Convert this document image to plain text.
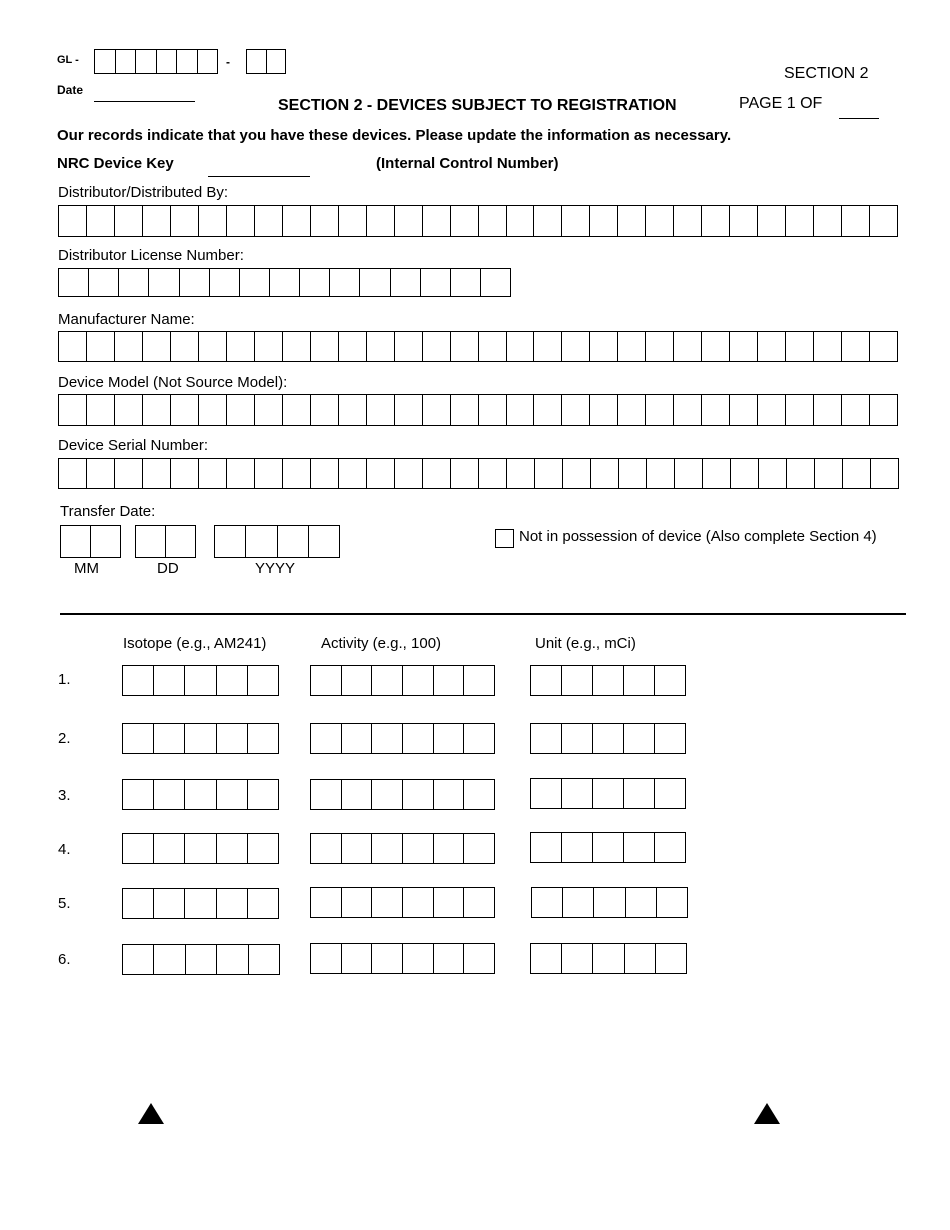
GL -	-
Date
SECTION 2
SECTION 2 - DEVICES SUBJECT TO REGISTRATION	PAGE 1 OF
Our records indicate that you have these devices. Please update the information as necessary.
NRC Device Key	(Internal Control Number)
Distributor/Distributed By:
Distributor License Number:
Manufacturer Name:
Device Model (Not Source Model):
Device Serial Number:
Transfer Date:
MM	DD	YYYY
Not in possession of device (Also complete Section 4)
Isotope (e.g., AM241)	Activity (e.g., 100)	Unit (e.g., mCi)
1.
2.
3.
4.
5.
6.
